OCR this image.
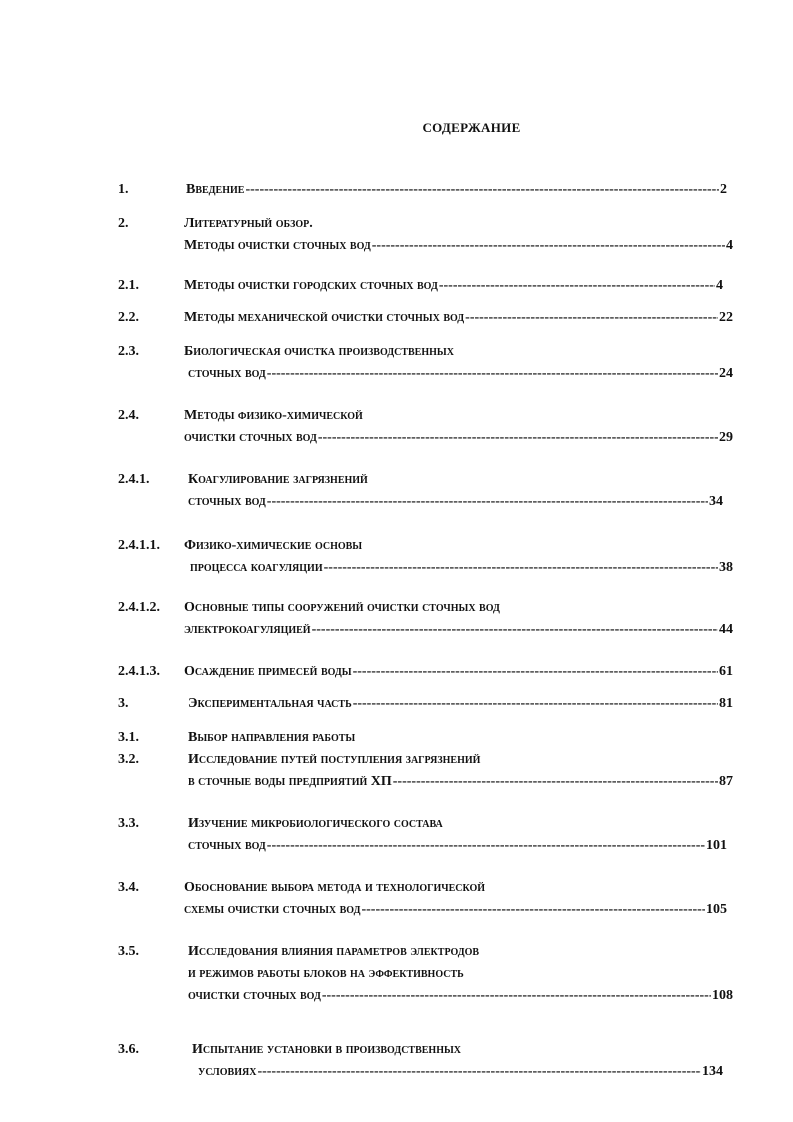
СОДЕРЖАНИЕ
1.	Введение -----	2
2.	Литературный обзор.
Методы очистки сточных вод -----	4
2.1.	Методы очистки городских сточных вод -----	4
2.2.	Методы механической очистки сточных вод -----	22
2.3.	Биологическая очистка производственных
сточных вод -----	24
2.4.	Методы физико-химической
очистки сточных вод -----	29
2.4.1.	Коагулирование загрязнений
сточных вод -----	34
2.4.1.1. Физико-химические основы
процесса коагуляции -----	38
2.4.1.2. Основные типы сооружений очистки сточных вод
электрокоагуляцией -----	44
2.4.1.3. Осаждение примесей воды -----	61
3.	Экспериментальная часть -----	81
3.1.	Выбор направления работы
3.2.	Исследование путей поступления загрязнений
в сточные воды предприятий ХП -----	87
3.3.	Изучение микробиологического состава
сточных вод -----	101
3.4.	Обоснование выбора метода и технологической
схемы очистки сточных вод -----	105
3.5.	Исследования влияния параметров электродов
и режимов работы блоков на эффективность
очистки сточных вод -----	108
3.6.	Испытание установки в производственных
условиях -----	134
